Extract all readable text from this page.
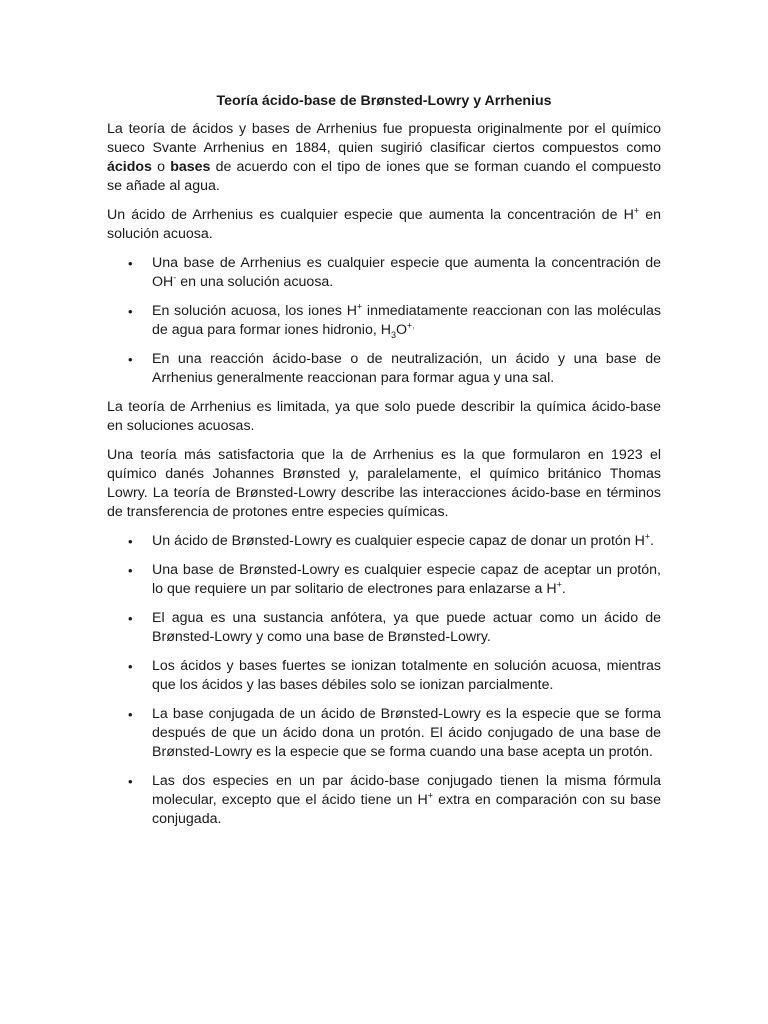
Teoría ácido-base de Brønsted-Lowry y Arrhenius

La teoría de ácidos y bases de Arrhenius fue propuesta originalmente por el químico sueco Svante Arrhenius en 1884, quien sugirió clasificar ciertos compuestos como ácidos o bases de acuerdo con el tipo de iones que se forman cuando el compuesto se añade al agua.

Un ácido de Arrhenius es cualquier especie que aumenta la concentración de H+ en solución acuosa.

• Una base de Arrhenius es cualquier especie que aumenta la concentración de OH- en una solución acuosa.
• En solución acuosa, los iones H+ inmediatamente reaccionan con las moléculas de agua para formar iones hidronio, $H_3O^{+.}$
• En una reacción ácido-base o de neutralización, un ácido y una base de Arrhenius generalmente reaccionan para formar agua y una sal.

La teoría de Arrhenius es limitada, ya que solo puede describir la química ácido-base en soluciones acuosas.

Una teoría más satisfactoria que la de Arrhenius es la que formularon en 1923 el químico danés Johannes Brønsted y, paralelamente, el químico británico Thomas Lowry. La teoría de Brønsted-Lowry describe las interacciones ácido-base en términos de transferencia de protones entre especies químicas.

• Un ácido de Brønsted-Lowry es cualquier especie capaz de donar un protón H+.
• Una base de Brønsted-Lowry es cualquier especie capaz de aceptar un protón, lo que requiere un par solitario de electrones para enlazarse a H+.
• El agua es una sustancia anfótera, ya que puede actuar como un ácido de Brønsted-Lowry y como una base de Brønsted-Lowry.
• Los ácidos y bases fuertes se ionizan totalmente en solución acuosa, mientras que los ácidos y las bases débiles solo se ionizan parcialmente.
• La base conjugada de un ácido de Brønsted-Lowry es la especie que se forma después de que un ácido dona un protón. El ácido conjugado de una base de Brønsted-Lowry es la especie que se forma cuando una base acepta un protón.
• Las dos especies en un par ácido-base conjugado tienen la misma fórmula molecular, excepto que el ácido tiene un H+ extra en comparación con su base conjugada.
